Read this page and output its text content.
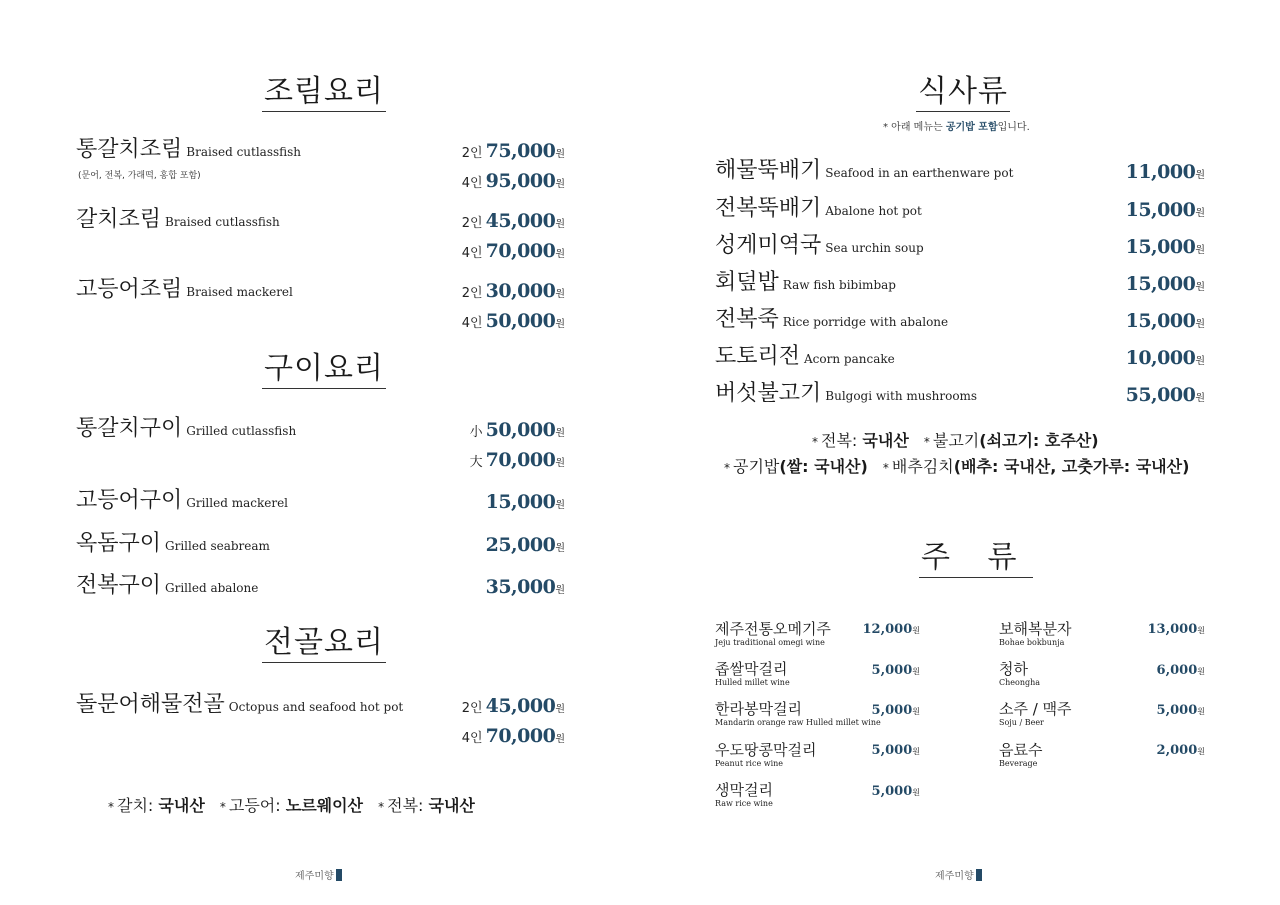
조림요리
통갈치조림 Braised cutlassfish
(문어, 전복, 가래떡, 홍합 포함)
2인 75,000원
4인 95,000원
갈치조림 Braised cutlassfish	2인 45,000원
4인 70,000원
고등어조림 Braised mackerel	2인 30,000원
4인 50,000원
구이요리
통갈치구이 Grilled cutlassfish	小 50,000원
大 70,000원
고등어구이 Grilled mackerel	15,000원
옥돔구이 Grilled seabream	25,000원
전복구이 Grilled abalone	35,000원
전골요리
돌문어해물전골 Octopus and seafood hot pot	2인 45,000원
4인 70,000원
* 갈치: 국내산 * 고등어: 노르웨이산 * 전복: 국내산
제주미향
식사류
* 아래 메뉴는 공기밥 포함입니다.
해물뚝배기 Seafood in an earthenware pot	11,000원
전복뚝배기 Abalone hot pot	15,000원
성게미역국 Sea urchin soup	15,000원
회덮밥 Raw fish bibimbap	15,000원
전복죽 Rice porridge with abalone	15,000원
도토리전 Acorn pancake	10,000원
버섯불고기 Bulgogi with mushrooms	55,000원
* 전복: 국내산 * 불고기(쇠고기: 호주산)
* 공기밥(쌀: 국내산) * 배추김치(배추: 국내산, 고춧가루: 국내산)
주 류
제주전통오메기주
Jeju traditional omegi wine
12,000원
좁쌀막걸리
Hulled millet wine
5,000원
한라봉막걸리
Mandarin orange raw Hulled millet wine
5,000원
우도땅콩막걸리
Peanut rice wine
5,000원
생막걸리
Raw rice wine
5,000원
보해복분자
Bohae bokbunja
13,000원
청하
Cheongha
6,000원
소주 / 맥주
Soju / Beer
5,000원
음료수
Beverage
2,000원
제주미향
